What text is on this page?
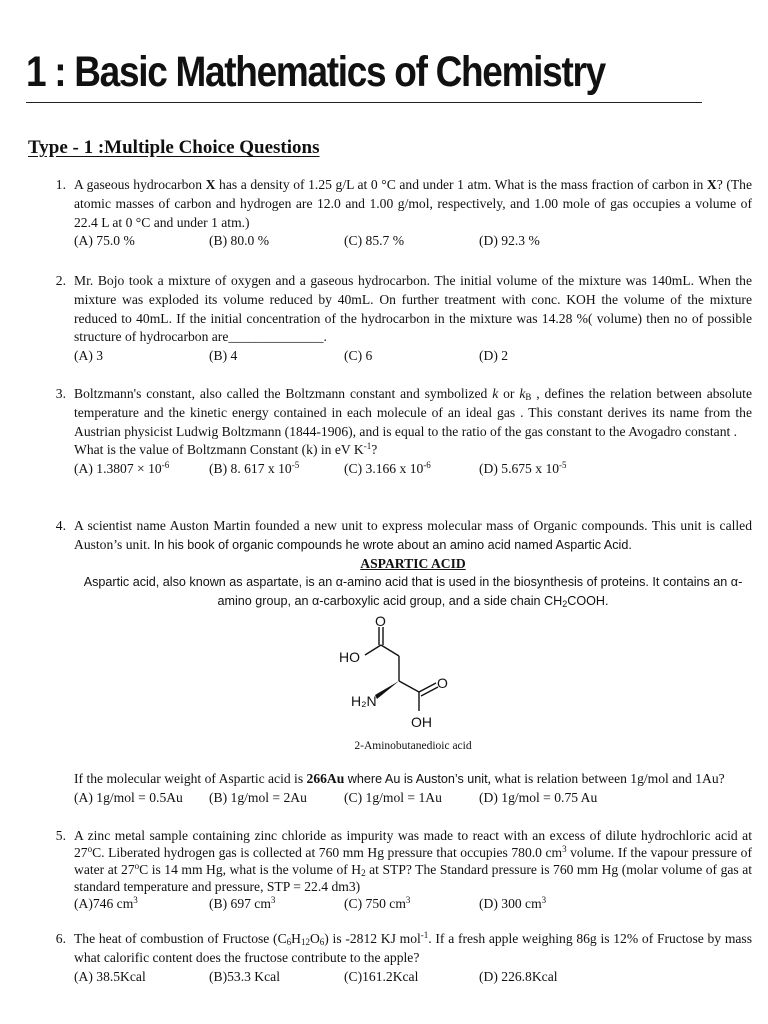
1 : Basic Mathematics of Chemistry
Type - 1 :Multiple Choice Questions
1. A gaseous hydrocarbon X has a density of 1.25 g/L at 0 °C and under 1 atm. What is the mass fraction of carbon in X? (The atomic masses of carbon and hydrogen are 12.0 and 1.00 g/mol, respectively, and 1.00 mole of gas occupies a volume of 22.4 L at 0 °C and under 1 atm.)
(A) 75.0 %	(B) 80.0 %	(C) 85.7 %	(D) 92.3 %
2. Mr. Bojo took a mixture of oxygen and a gaseous hydrocarbon. The initial volume of the mixture was 140mL. When the mixture was exploded its volume reduced by 40mL. On further treatment with conc. KOH the volume of the mixture reduced to 40mL. If the initial concentration of the hydrocarbon in the mixture was 14.28 %( volume) then no of possible structure of hydrocarbon are______________.
(A) 3	(B) 4	(C) 6	(D) 2
3. Boltzmann's constant, also called the Boltzmann constant and symbolized k or $k_B$ , defines the relation between absolute temperature and the kinetic energy contained in each molecule of an ideal gas . This constant derives its name from the Austrian physicist Ludwig Boltzmann (1844-1906), and is equal to the ratio of the gas constant to the Avogadro constant .
What is the value of Boltzmann Constant (k) in eV $K^{-1}$?
(A) $1.3807 \times 10^{-6}$	(B) 8. 617 x $10^{-5}$	(C) 3.166 x $10^{-6}$	(D) 5.675 x $10^{-5}$
4. A scientist name Auston Martin founded a new unit to express molecular mass of Organic compounds. This unit is called Auston’s unit. In his book of organic compounds he wrote about an amino acid named Aspartic Acid.
ASPARTIC ACID
Aspartic acid, also known as aspartate, is an α-amino acid that is used in the biosynthesis of proteins. It contains an α-amino group, an α-carboxylic acid group, and a side chain $CH_2COOH$.
O
HO
H₂N
O
OH
2-Aminobutanedioic acid
If the molecular weight of Aspartic acid is 266Au where Au is Auston’s unit, what is relation between 1g/mol and 1Au?
(A) 1g/mol = 0.5Au	(B) 1g/mol = 2Au	(C) 1g/mol = 1Au	(D) 1g/mol = 0.75 Au
5. A zinc metal sample containing zinc chloride as impurity was made to react with an excess of dilute hydrochloric acid at 27$^o$C. Liberated hydrogen gas is collected at 760 mm Hg pressure that occupies 780.0 $cm^3$ volume. If the vapour pressure of water at 27$^o$C is 14 mm Hg, what is the volume of $H_2$ at STP? The Standard pressure is 760 mm Hg (molar volume of gas at standard temperature and pressure, STP = 22.4 dm3)
(A)746 $cm^3$	(B) 697 $cm^3$	(C) 750 $cm^3$	(D) 300 $cm^3$
6. The heat of combustion of Fructose $(C_6H_{12}O_6)$ is -2812 KJ mol$^{-1}$. If a fresh apple weighing 86g is 12% of Fructose by mass what calorific content does the fructose contribute to the apple?
(A) 38.5Kcal	(B)53.3 Kcal	(C)161.2Kcal	(D) 226.8Kcal
